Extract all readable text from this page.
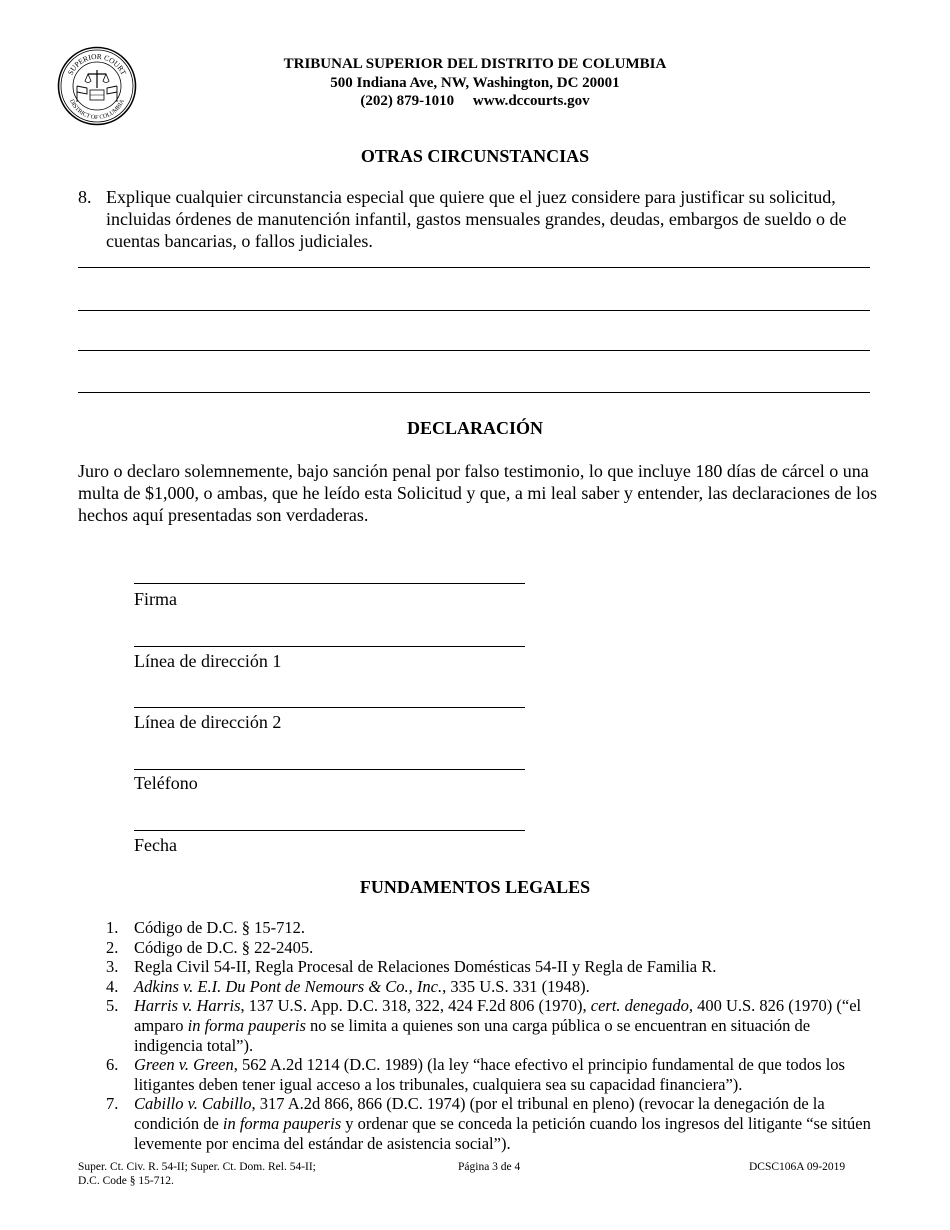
SUPERIOR COURT
DISTRICT OF COLUMBIA
TRIBUNAL SUPERIOR DEL DISTRITO DE COLUMBIA
500 Indiana Ave, NW, Washington, DC 20001
(202) 879-1010 www.dccourts.gov
OTRAS CIRCUNSTANCIAS
8. Explique cualquier circunstancia especial que quiere que el juez considere para justificar su solicitud, incluidas órdenes de manutención infantil, gastos mensuales grandes, deudas, embargos de sueldo o de cuentas bancarias, o fallos judiciales.
DECLARACIÓN
Juro o declaro solemnemente, bajo sanción penal por falso testimonio, lo que incluye 180 días de cárcel o una multa de $1,000, o ambas, que he leído esta Solicitud y que, a mi leal saber y entender, las declaraciones de los hechos aquí presentadas son verdaderas.
Firma
Línea de dirección 1
Línea de dirección 2
Teléfono
Fecha
FUNDAMENTOS LEGALES
1. Código de D.C. § 15-712.
2. Código de D.C. § 22-2405.
3. Regla Civil 54-II, Regla Procesal de Relaciones Domésticas 54-II y Regla de Familia R.
4. Adkins v. E.I. Du Pont de Nemours & Co., Inc., 335 U.S. 331 (1948).
5. Harris v. Harris, 137 U.S. App. D.C. 318, 322, 424 F.2d 806 (1970), cert. denegado, 400 U.S. 826 (1970) (“el amparo in forma pauperis no se limita a quienes son una carga pública o se encuentran en situación de indigencia total”).
6. Green v. Green, 562 A.2d 1214 (D.C. 1989) (la ley “hace efectivo el principio fundamental de que todos los litigantes deben tener igual acceso a los tribunales, cualquiera sea su capacidad financiera”).
7. Cabillo v. Cabillo, 317 A.2d 866, 866 (D.C. 1974) (por el tribunal en pleno) (revocar la denegación de la condición de in forma pauperis y ordenar que se conceda la petición cuando los ingresos del litigante “se sitúen levemente por encima del estándar de asistencia social”).
Super. Ct. Civ. R. 54-II; Super. Ct. Dom. Rel. 54-II;
D.C. Code § 15-712.
Página 3 de 4	DCSC106A 09-2019
